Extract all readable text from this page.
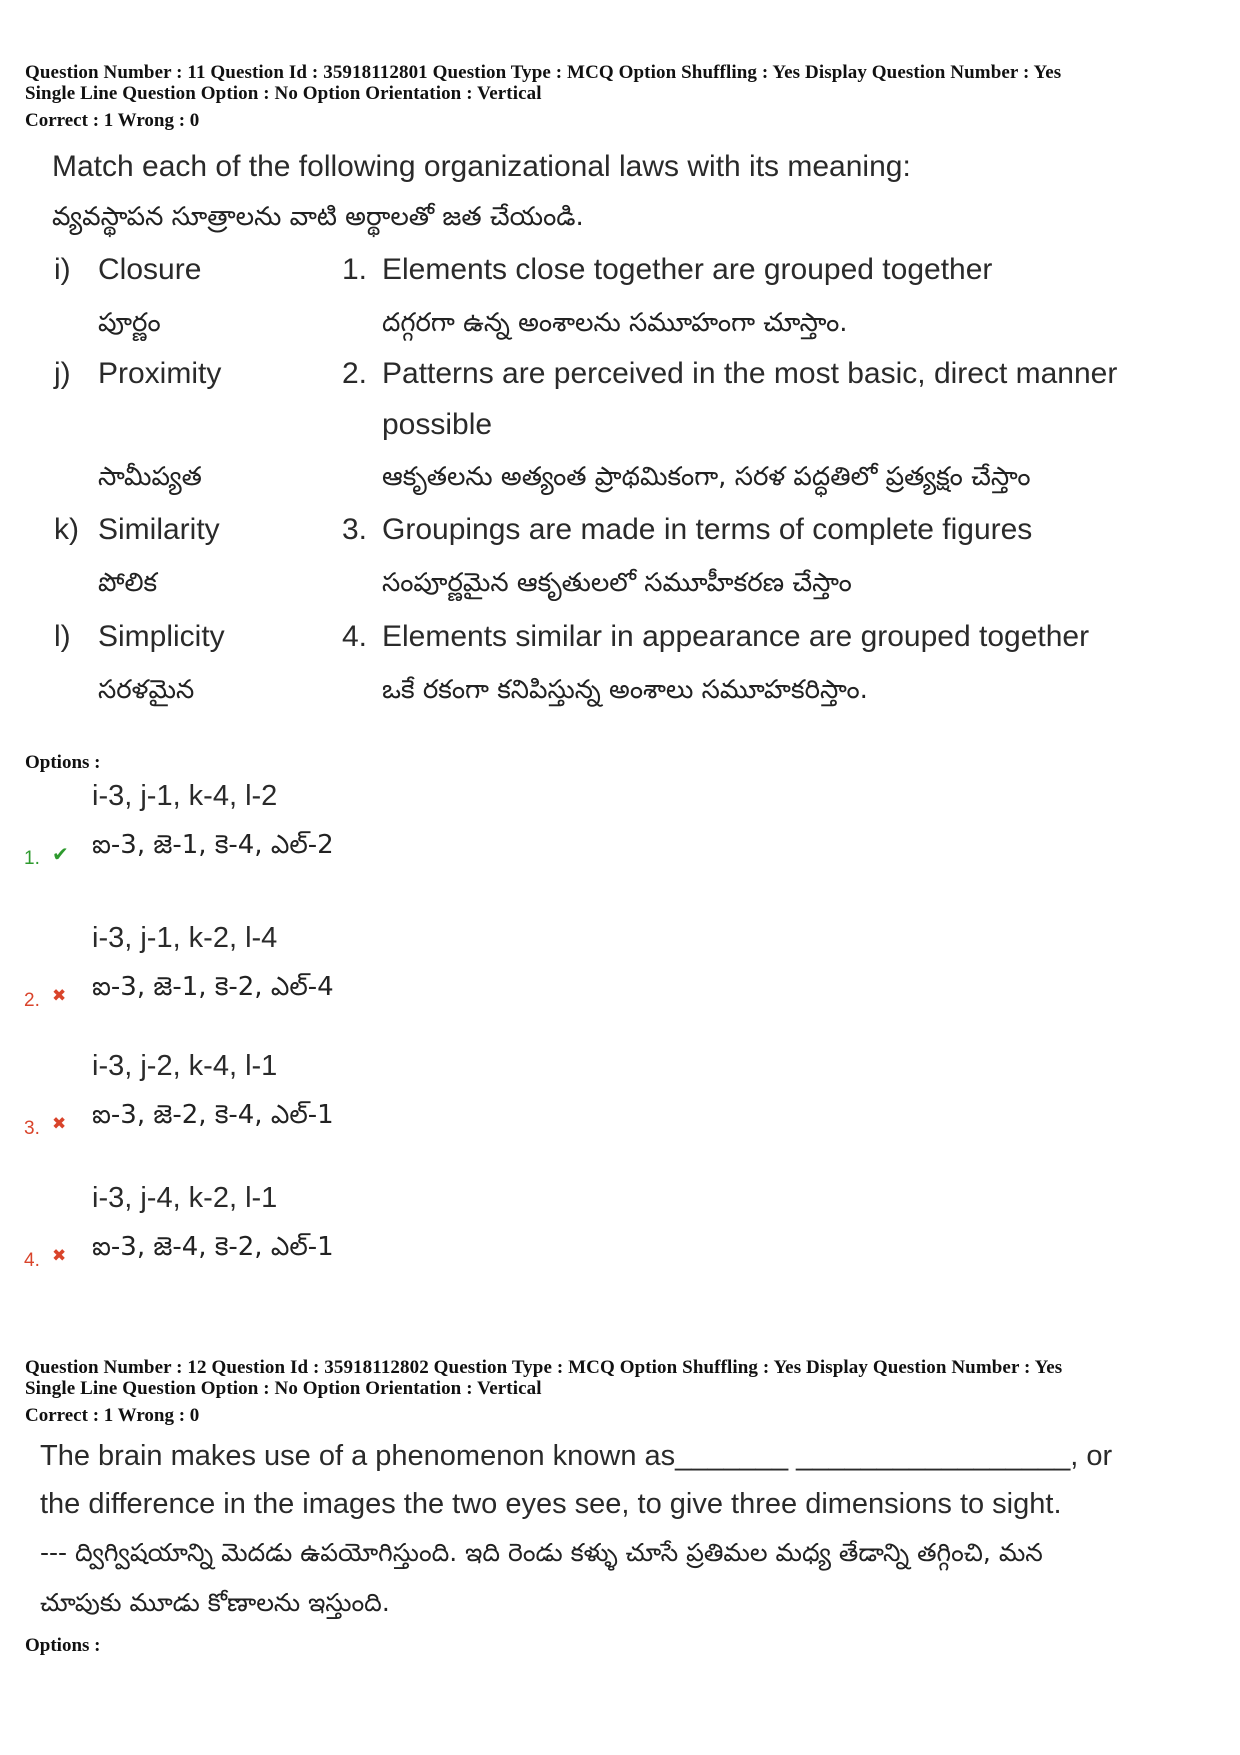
Question Number : 11 Question Id : 35918112801 Question Type : MCQ Option Shuffling : Yes Display Question Number : Yes
Single Line Question Option : No Option Orientation : Vertical
Correct : 1 Wrong : 0
Match each of the following organizational laws with its meaning:
వ్యవస్థాపన సూత్రాలను వాటి అర్థాలతో జత చేయండి.
i) Closure	1. Elements close together are grouped together
పూర్ణం	దగ్గరగా ఉన్న అంశాలను సమూహంగా చూస్తాం.
j) Proximity	2. Patterns are perceived in the most basic, direct manner
possible
సామీప్యత	ఆకృతలను అత్యంత ప్రాథమికంగా, సరళ పద్ధతిలో ప్రత్యక్షం చేస్తాం
k) Similarity	3. Groupings are made in terms of complete figures
పోలిక	సంపూర్ణమైన ఆకృతులలో సమూహీకరణ చేస్తాం
l) Simplicity	4. Elements similar in appearance are grouped together
సరళమైన	ఒకే రకంగా కనిపిస్తున్న అంశాలు సమూహకరిస్తాం.
Options :
i-3, j-1, k-4, l-2
ఐ-3, జె-1, కె-4, ఎల్-2
1. ✔
i-3, j-1, k-2, l-4
ఐ-3, జె-1, కె-2, ఎల్-4
2. ✖
i-3, j-2, k-4, l-1
ఐ-3, జె-2, కె-4, ఎల్-1
3. ✖
i-3, j-4, k-2, l-1
ఐ-3, జె-4, కె-2, ఎల్-1
4. ✖
Question Number : 12 Question Id : 35918112802 Question Type : MCQ Option Shuffling : Yes Display Question Number : Yes
Single Line Question Option : No Option Orientation : Vertical
Correct : 1 Wrong : 0
The brain makes use of a phenomenon known as_______ _________________, or
the difference in the images the two eyes see, to give three dimensions to sight.
--- ద్విగ్విషయాన్ని మెదడు ఉపయోగిస్తుంది. ఇది రెండు కళ్ళు చూసే ప్రతిమల మధ్య తేడాన్ని తగ్గించి, మన
చూపుకు మూడు కోణాలను ఇస్తుంది.
Options :
